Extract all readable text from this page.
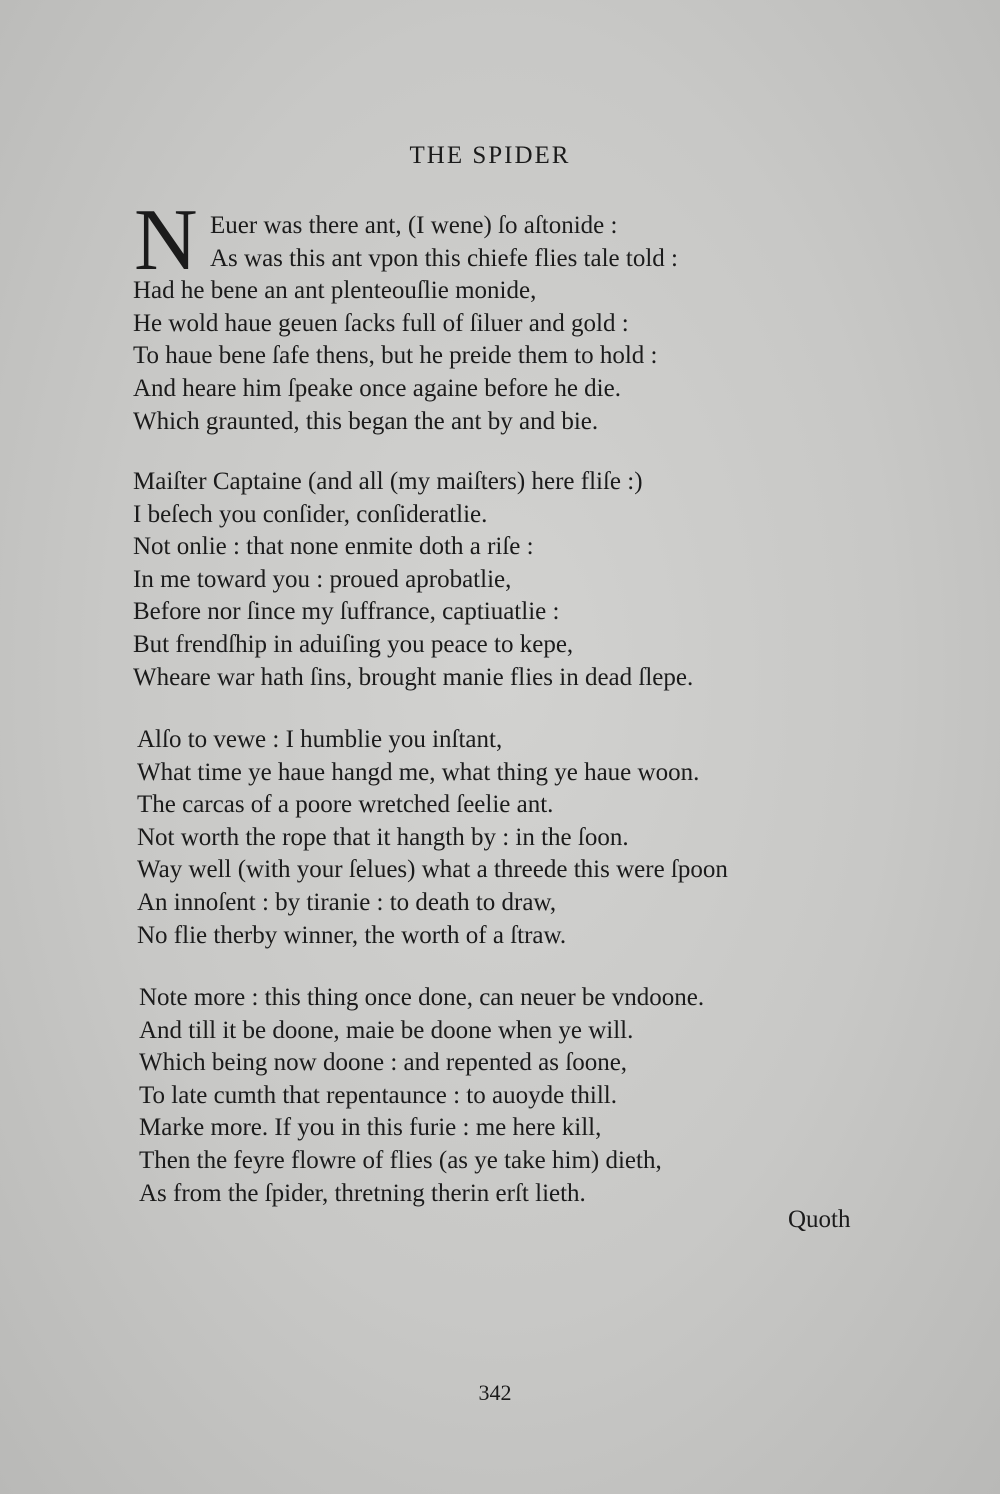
THE SPIDER
N Euer was there ant, (I wene) ſo aſtonide :
As was this ant vpon this chiefe flies tale told :
Had he bene an ant plenteouſlie monide,
He wold haue geuen ſacks full of ſiluer and gold :
To haue bene ſafe thens, but he preide them to hold :
And heare him ſpeake once againe before he die.
Which graunted, this began the ant by and bie.
Maiſter Captaine (and all (my maiſters) here fliſe :)
I beſech you conſider, conſideratlie.
Not onlie : that none enmite doth a riſe :
In me toward you : proued aprobatlie,
Before nor ſince my ſuffrance, captiuatlie :
But frendſhip in aduiſing you peace to kepe,
Wheare war hath ſins, brought manie flies in dead ſlepe.
Alſo to vewe : I humblie you inſtant,
What time ye haue hangd me, what thing ye haue woon.
The carcas of a poore wretched ſeelie ant.
Not worth the rope that it hangth by : in the ſoon.
Way well (with your ſelues) what a threede this were ſpoon
An innoſent : by tiranie : to death to draw,
No flie therby winner, the worth of a ſtraw.
Note more : this thing once done, can neuer be vndoone.
And till it be doone, maie be doone when ye will.
Which being now doone : and repented as ſoone,
To late cumth that repentaunce : to auoyde thill.
Marke more. If you in this furie : me here kill,
Then the feyre flowre of flies (as ye take him) dieth,
As from the ſpider, thretning therin erſt lieth.
Quoth
342
